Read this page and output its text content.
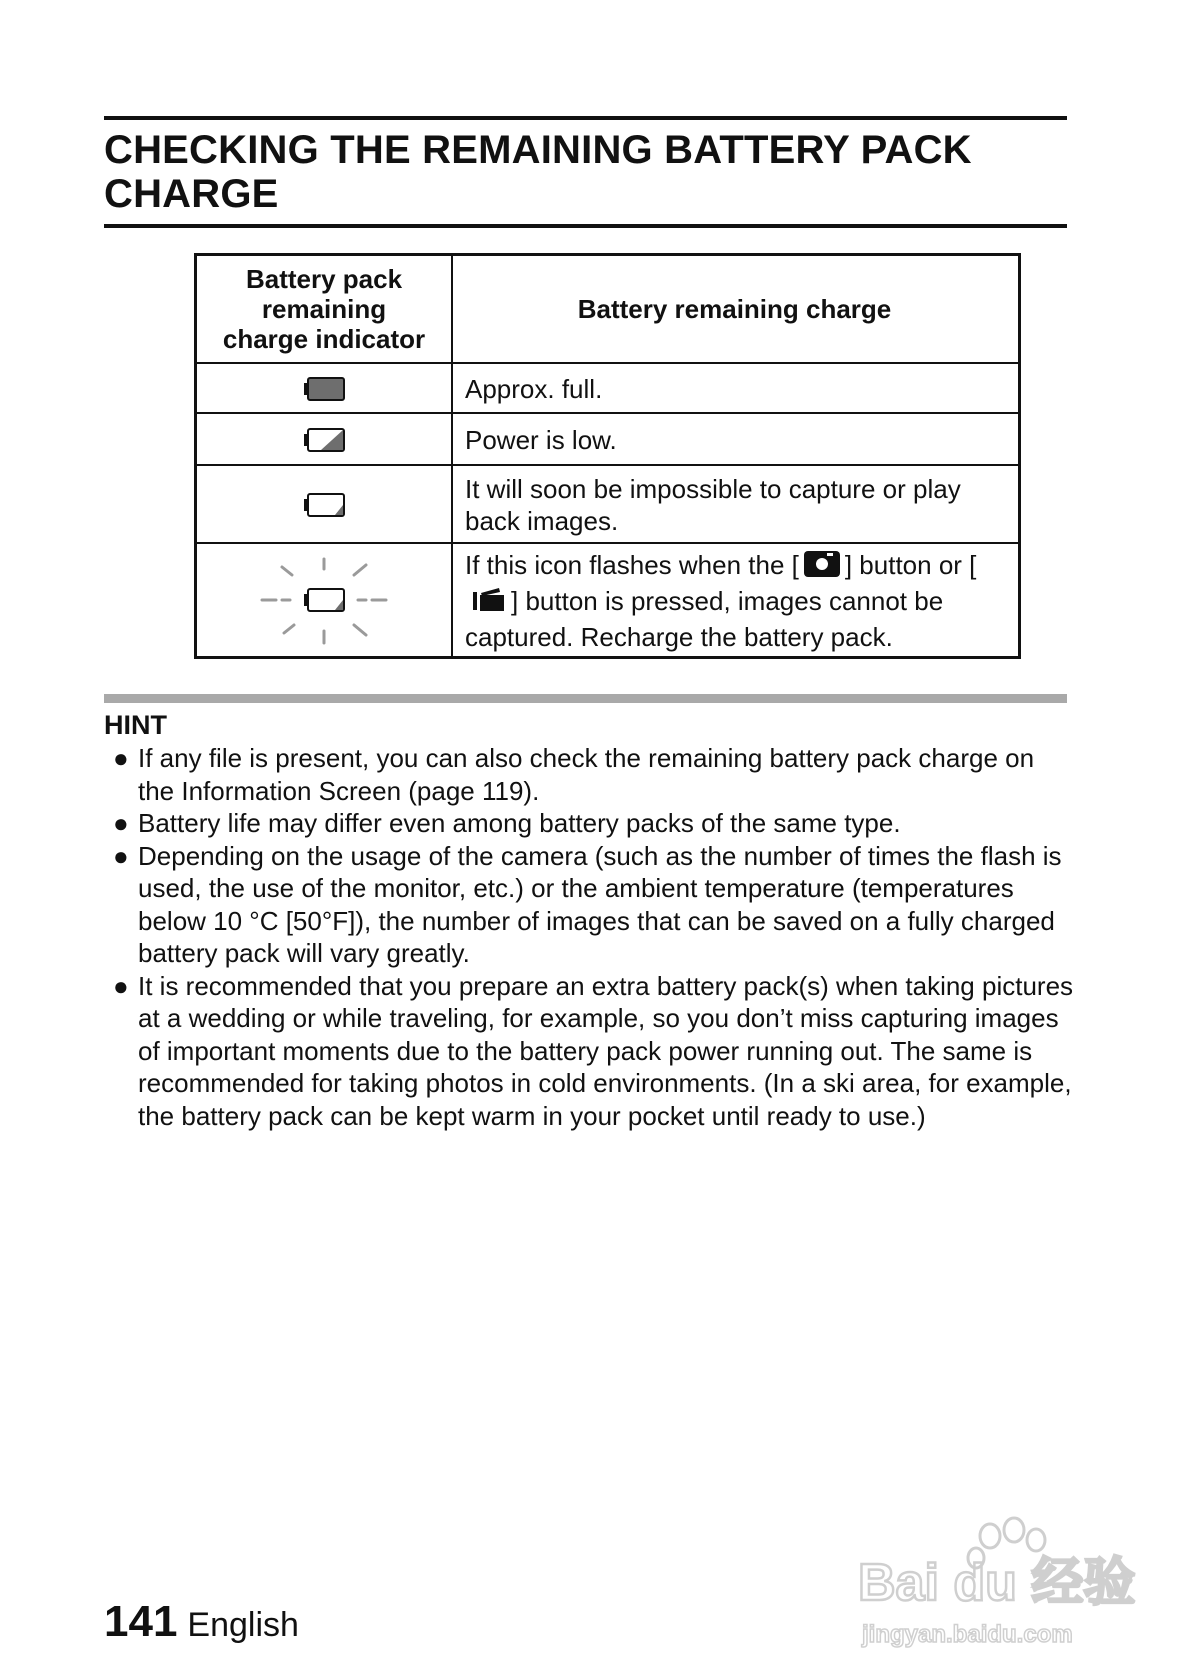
CHECKING THE REMAINING BATTERY PACK CHARGE
Battery pack
remaining
charge indicator
Battery remaining charge
Approx. full.
Power is low.
It will soon be impossible to capture or play back images.
If this icon flashes when the [ ] button or [] button is pressed, images cannot be captured. Recharge the battery pack.
HINT
● If any file is present, you can also check the remaining battery pack charge on the Information Screen (page 119).
● Battery life may differ even among battery packs of the same type.
● Depending on the usage of the camera (such as the number of times the flash is used, the use of the monitor, etc.) or the ambient temperature (temperatures below 10 °C [50°F]), the number of images that can be saved on a fully charged battery pack will vary greatly.
● It is recommended that you prepare an extra battery pack(s) when taking pictures at a wedding or while traveling, for example, so you don’t miss capturing images of important moments due to the battery pack power running out. The same is recommended for taking photos in cold environments. (In a ski area, for example, the battery pack can be kept warm in your pocket until ready to use.)
141 English
Bai du 经验
jingyan.baidu.com
